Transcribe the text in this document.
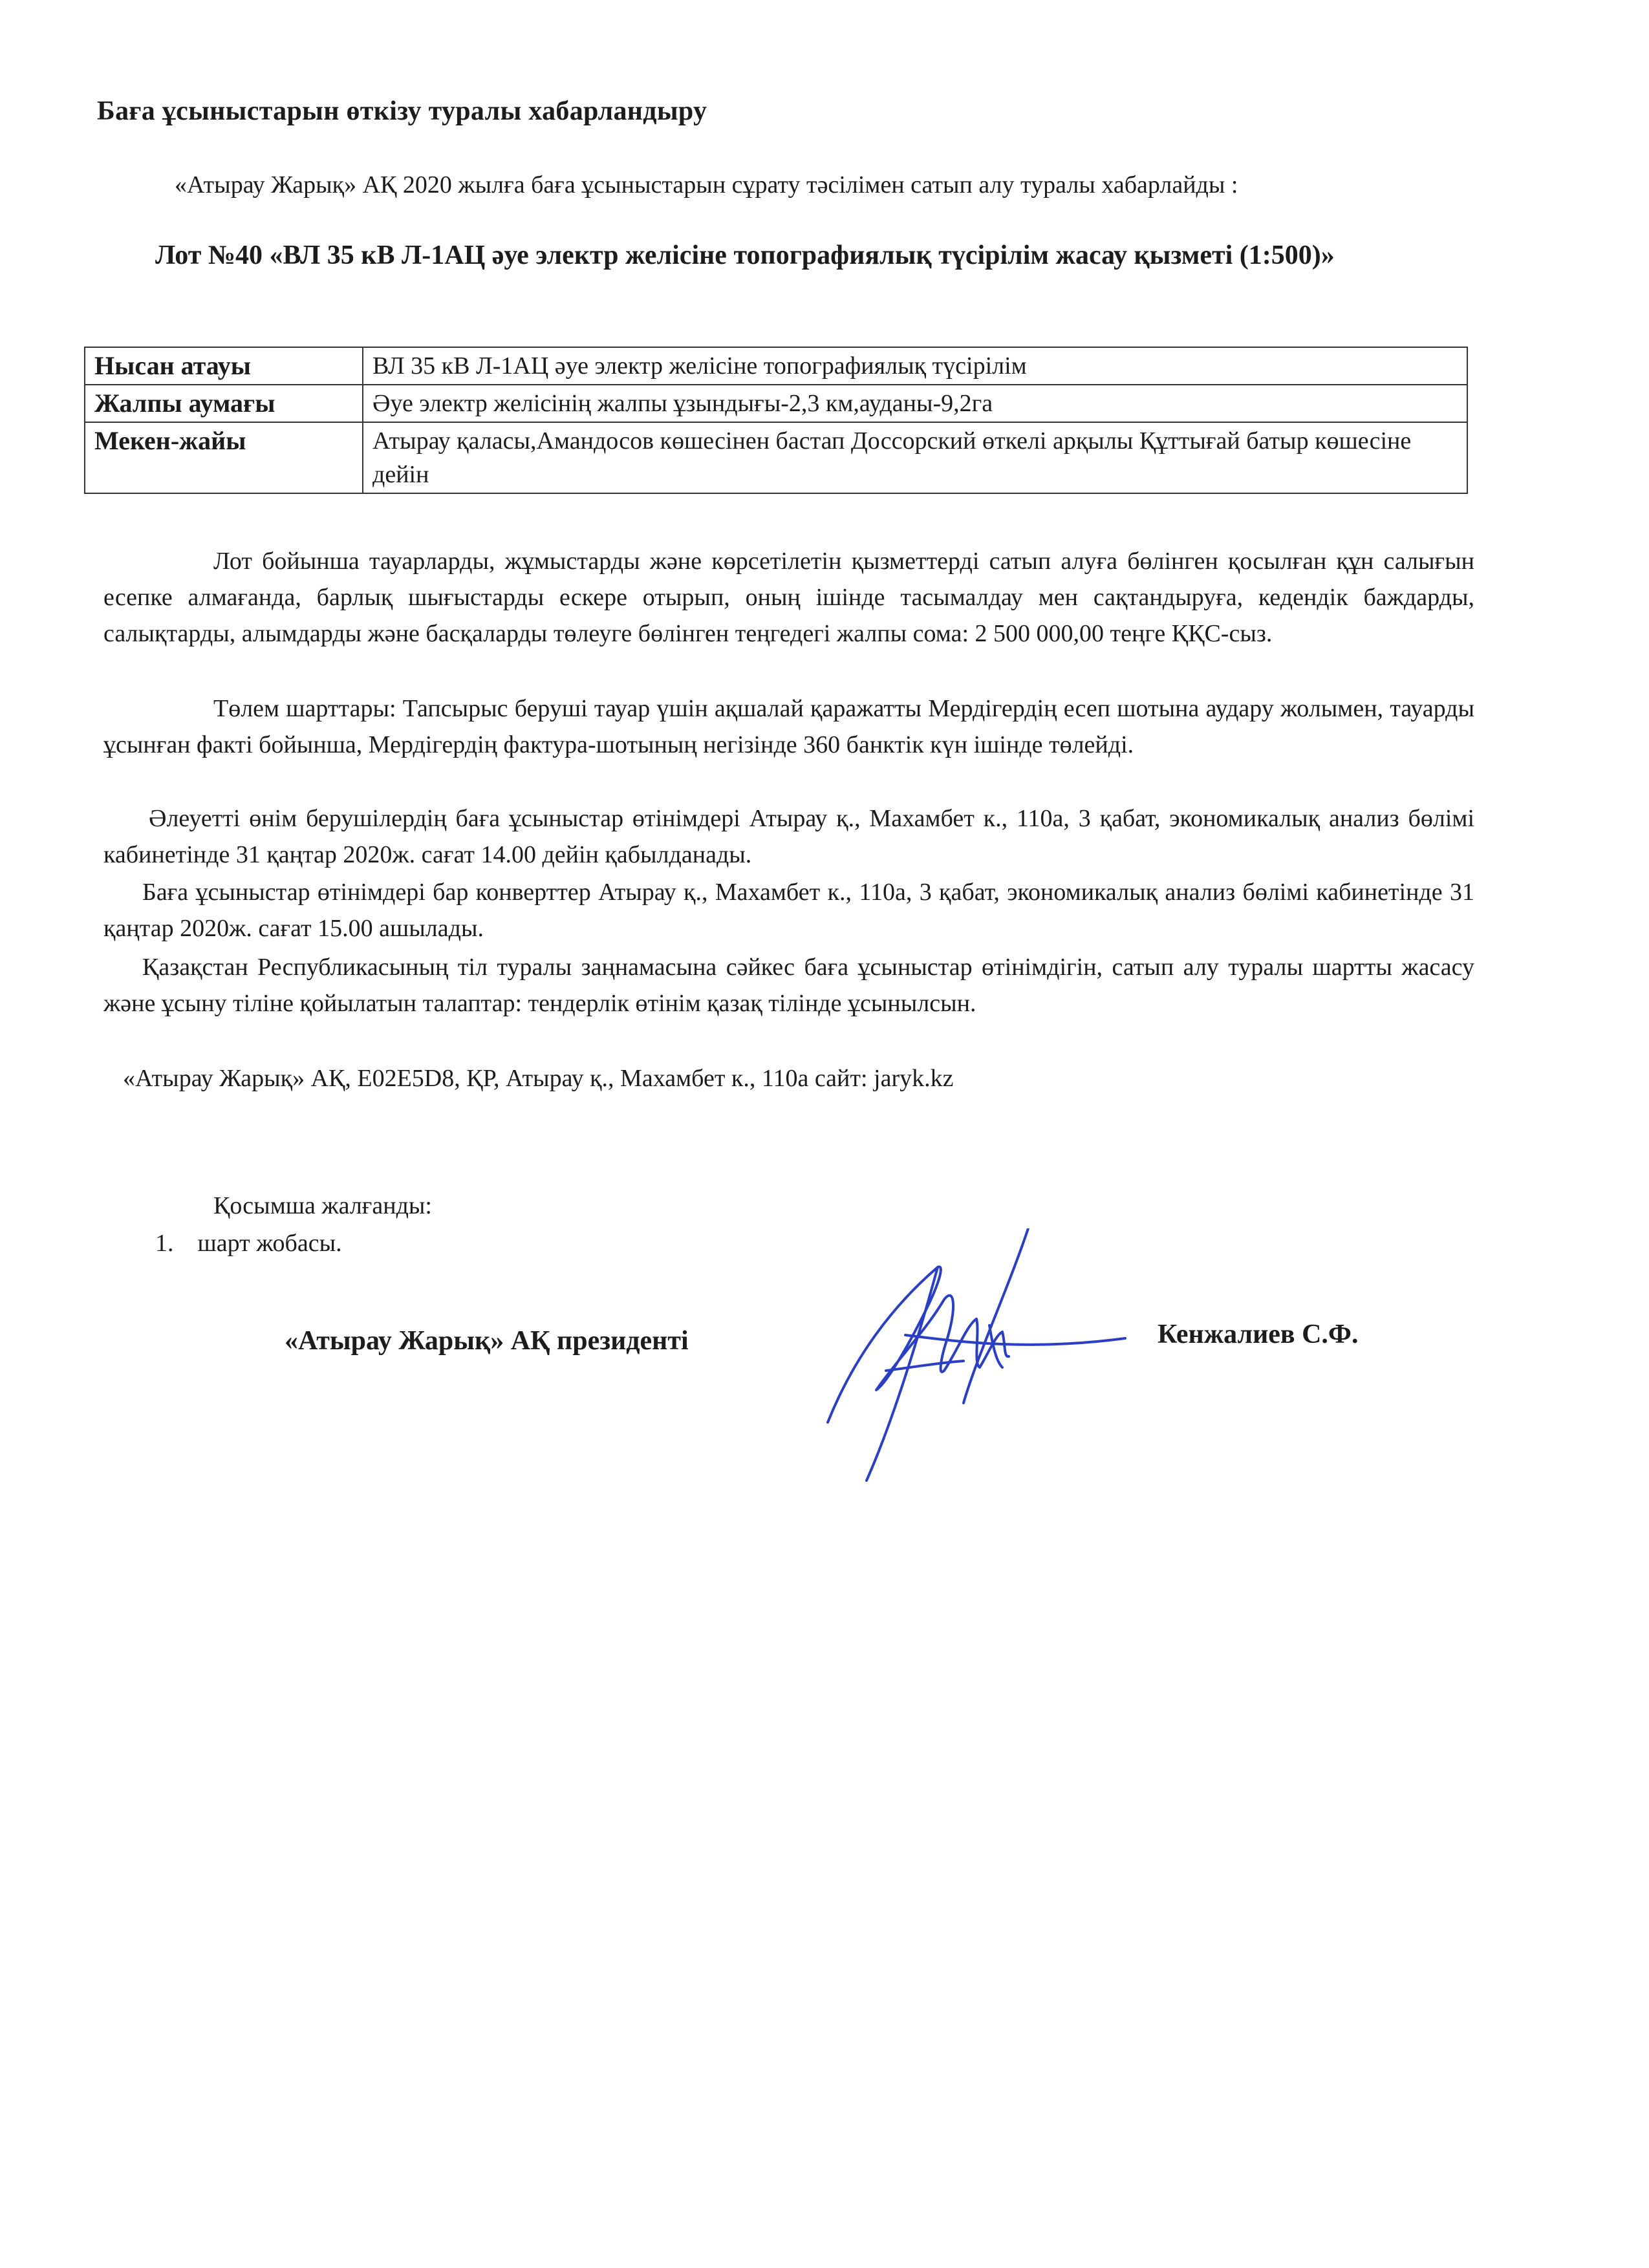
Баға ұсыныстарын өткізу туралы хабарландыру
«Атырау Жарық» АҚ 2020 жылға баға ұсыныстарын сұрату тәсілімен сатып алу туралы хабарлайды :
Лот №40 «ВЛ 35 кВ Л-1АЦ әуе электр желісіне топографиялық түсірілім жасау қызметі (1:500)»
Нысан атауы	ВЛ 35 кВ Л-1АЦ әуе электр желісіне топографиялық түсірілім
Жалпы аумағы	Әуе электр желісінің жалпы ұзындығы-2,3 км,ауданы-9,2га
Мекен-жайы	Атырау қаласы,Амандосов көшесінен бастап Доссорский өткелі арқылы Құттығай батыр көшесіне дейін
Лот бойынша тауарларды, жұмыстарды және көрсетілетін қызметтерді сатып алуға бөлінген қосылған құн салығын есепке алмағанда, барлық шығыстарды ескере отырып, оның ішінде тасымалдау мен сақтандыруға, кедендік баждарды, салықтарды, алымдарды және басқаларды төлеуге бөлінген теңгедегі жалпы сома: 2 500 000,00 теңге ҚҚС-сыз.
Төлем шарттары: Тапсырыс беруші тауар үшін ақшалай қаражатты Мердігердің есеп шотына аудару жолымен, тауарды ұсынған факті бойынша, Мердігердің фактура-шотының негізінде 360 банктік күн ішінде төлейді.
Әлеуетті өнім берушілердің баға ұсыныстар өтінімдері Атырау қ., Махамбет к., 110а, 3 қабат, экономикалық анализ бөлімі кабинетінде 31 қаңтар 2020ж. сағат 14.00 дейін қабылданады.
Баға ұсыныстар өтінімдері бар конверттер Атырау қ., Махамбет к., 110а, 3 қабат, экономикалық анализ бөлімі кабинетінде 31 қаңтар 2020ж. сағат 15.00 ашылады.
Қазақстан Республикасының тіл туралы заңнамасына сәйкес баға ұсыныстар өтінімдігін, сатып алу туралы шартты жасасу және ұсыну тіліне қойылатын талаптар: тендерлік өтінім қазақ тілінде ұсынылсын.
«Атырау Жарық» АҚ, E02E5D8, ҚР, Атырау қ., Махамбет к., 110а сайт: jaryk.kz
Қосымша жалғанды:
1. шарт жобасы.
«Атырау Жарық» АҚ президенті	Кенжалиев С.Ф.
